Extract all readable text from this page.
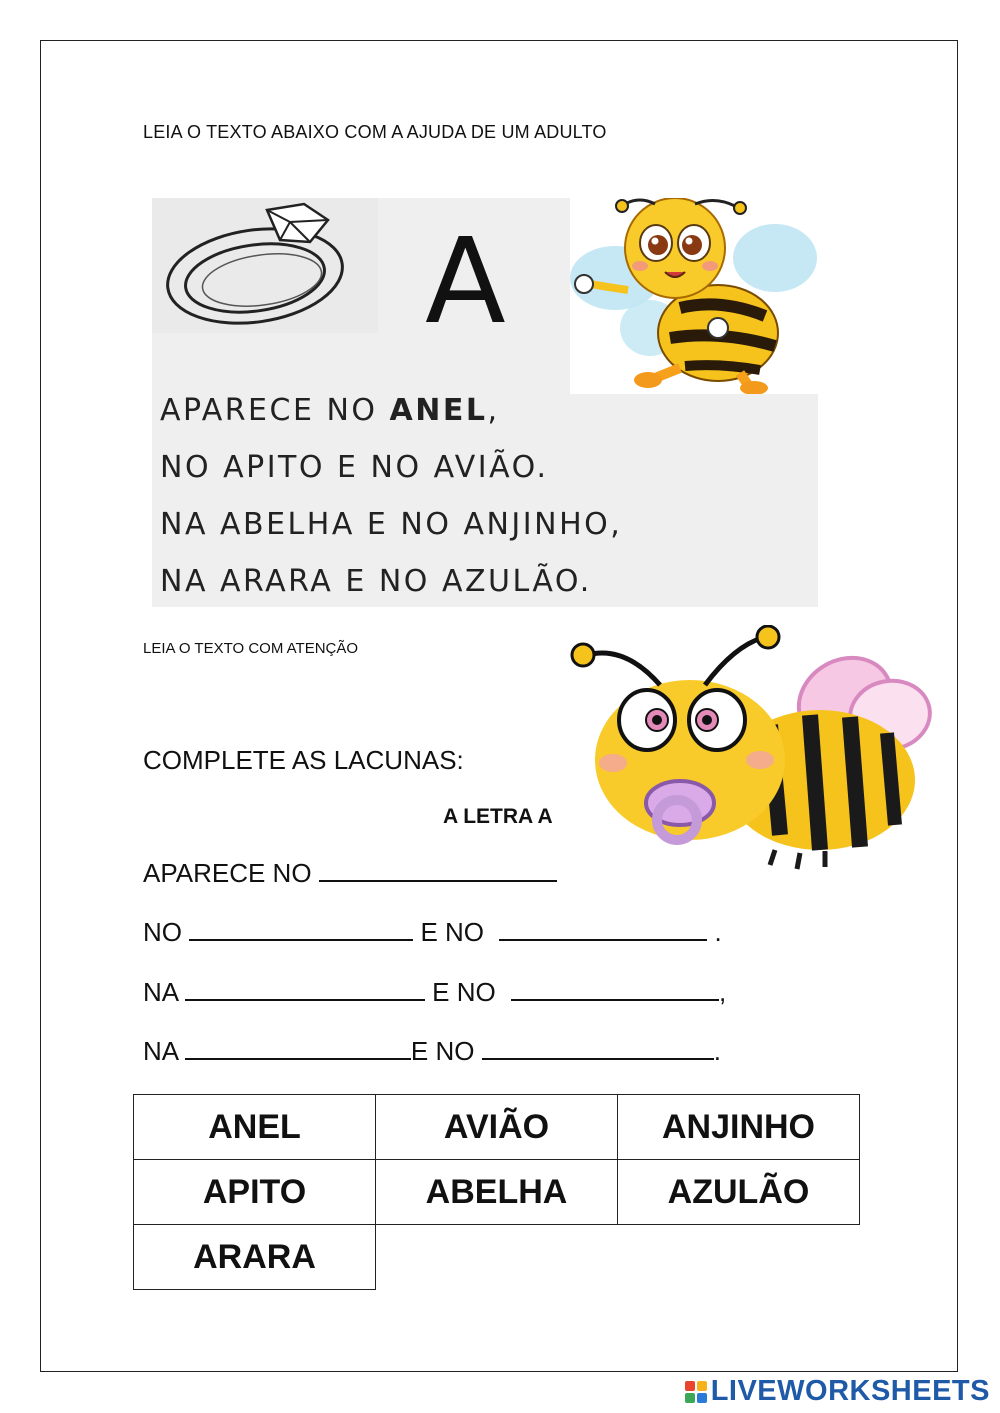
LEIA O TEXTO ABAIXO COM A AJUDA DE UM ADULTO
A
APARECE NO ANEL,
NO APITO E NO AVIÃO.
NA ABELHA E NO ANJINHO,
NA ARARA E NO AZULÃO.
LEIA O TEXTO COM ATENÇÃO
COMPLETE AS LACUNAS:
A LETRA A
APARECE NO
NO	E NO	.
NA	E NO	,
NA	E NO	.
ANEL	AVIÃO	ANJINHO
APITO	ABELHA	AZULÃO
ARARA		
LIVEWORKSHEETS
